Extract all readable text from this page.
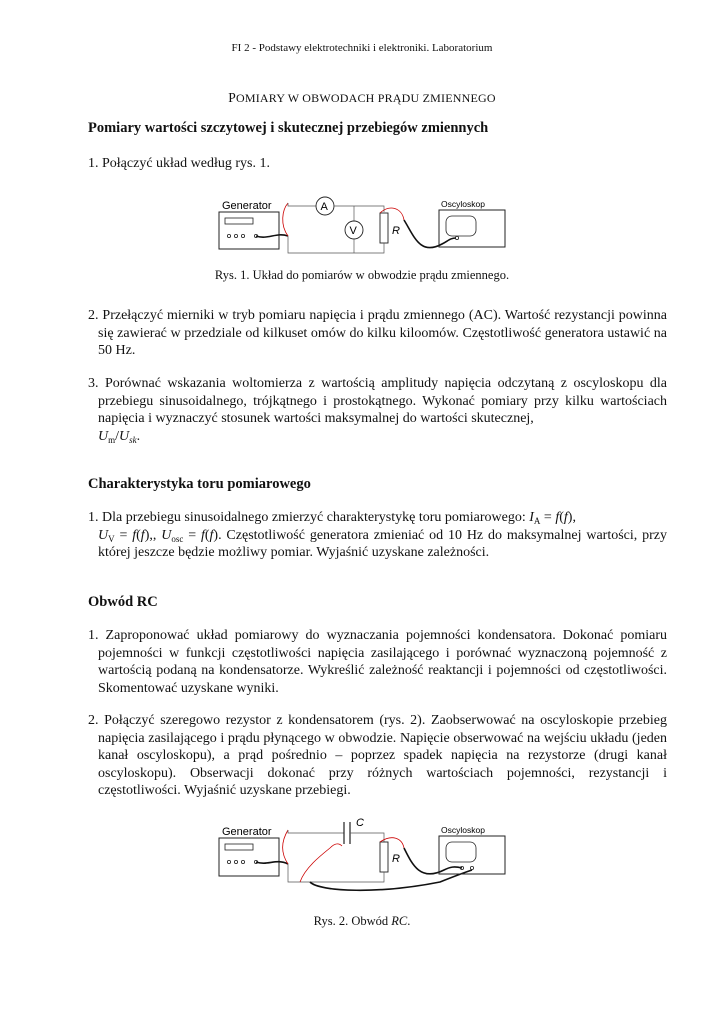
FI 2 - Podstawy elektrotechniki i elektroniki. Laboratorium
POMIARY W OBWODACH PRĄDU ZMIENNEGO
Pomiary wartości szczytowej i skutecznej przebiegów zmiennych
1. Połączyć układ według rys. 1.
Generator	A
V	R
Oscyloskop
Rys. 1. Układ do pomiarów w obwodzie prądu zmiennego.
2. Przełączyć mierniki w tryb pomiaru napięcia i prądu zmiennego (AC). Wartość rezystancji powinna się zawierać w przedziale od kilkuset omów do kilku kiloomów. Częstotliwość generatora ustawić na 50 Hz.
3. Porównać wskazania woltomierza z wartością amplitudy napięcia odczytaną z oscyloskopu dla przebiegu sinusoidalnego, trójkątnego i prostokątnego. Wykonać pomiary przy kilku wartościach napięcia i wyznaczyć stosunek wartości maksymalnej do wartości skutecznej,
$U_m/U_{sk}$.
Charakterystyka toru pomiarowego
1. Dla przebiegu sinusoidalnego zmierzyć charakterystykę toru pomiarowego: $I_A = f(f)$,
$U_V = f(f)$,, $U_{osc} = f(f)$. Częstotliwość generatora zmieniać od 10 Hz do maksymalnej wartości, przy której jeszcze będzie możliwy pomiar. Wyjaśnić uzyskane zależności.
Obwód RC
1. Zaproponować układ pomiarowy do wyznaczania pojemności kondensatora. Dokonać pomiaru pojemności w funkcji częstotliwości napięcia zasilającego i porównać wyznaczoną pojemność z wartością podaną na kondensatorze. Wykreślić zależność reaktancji i pojemności od częstotliwości. Skomentować uzyskane wyniki.
2. Połączyć szeregowo rezystor z kondensatorem (rys. 2). Zaobserwować na oscyloskopie przebieg napięcia zasilającego i prądu płynącego w obwodzie. Napięcie obserwować na wejściu układu (jeden kanał oscyloskopu), a prąd pośrednio – poprzez spadek napięcia na rezystorze (drugi kanał oscyloskopu). Obserwacji dokonać przy różnych wartościach pojemności, rezystancji i częstotliwości. Wyjaśnić uzyskane przebiegi.
Generator
C
R
Oscyloskop
Rys. 2. Obwód RC.
